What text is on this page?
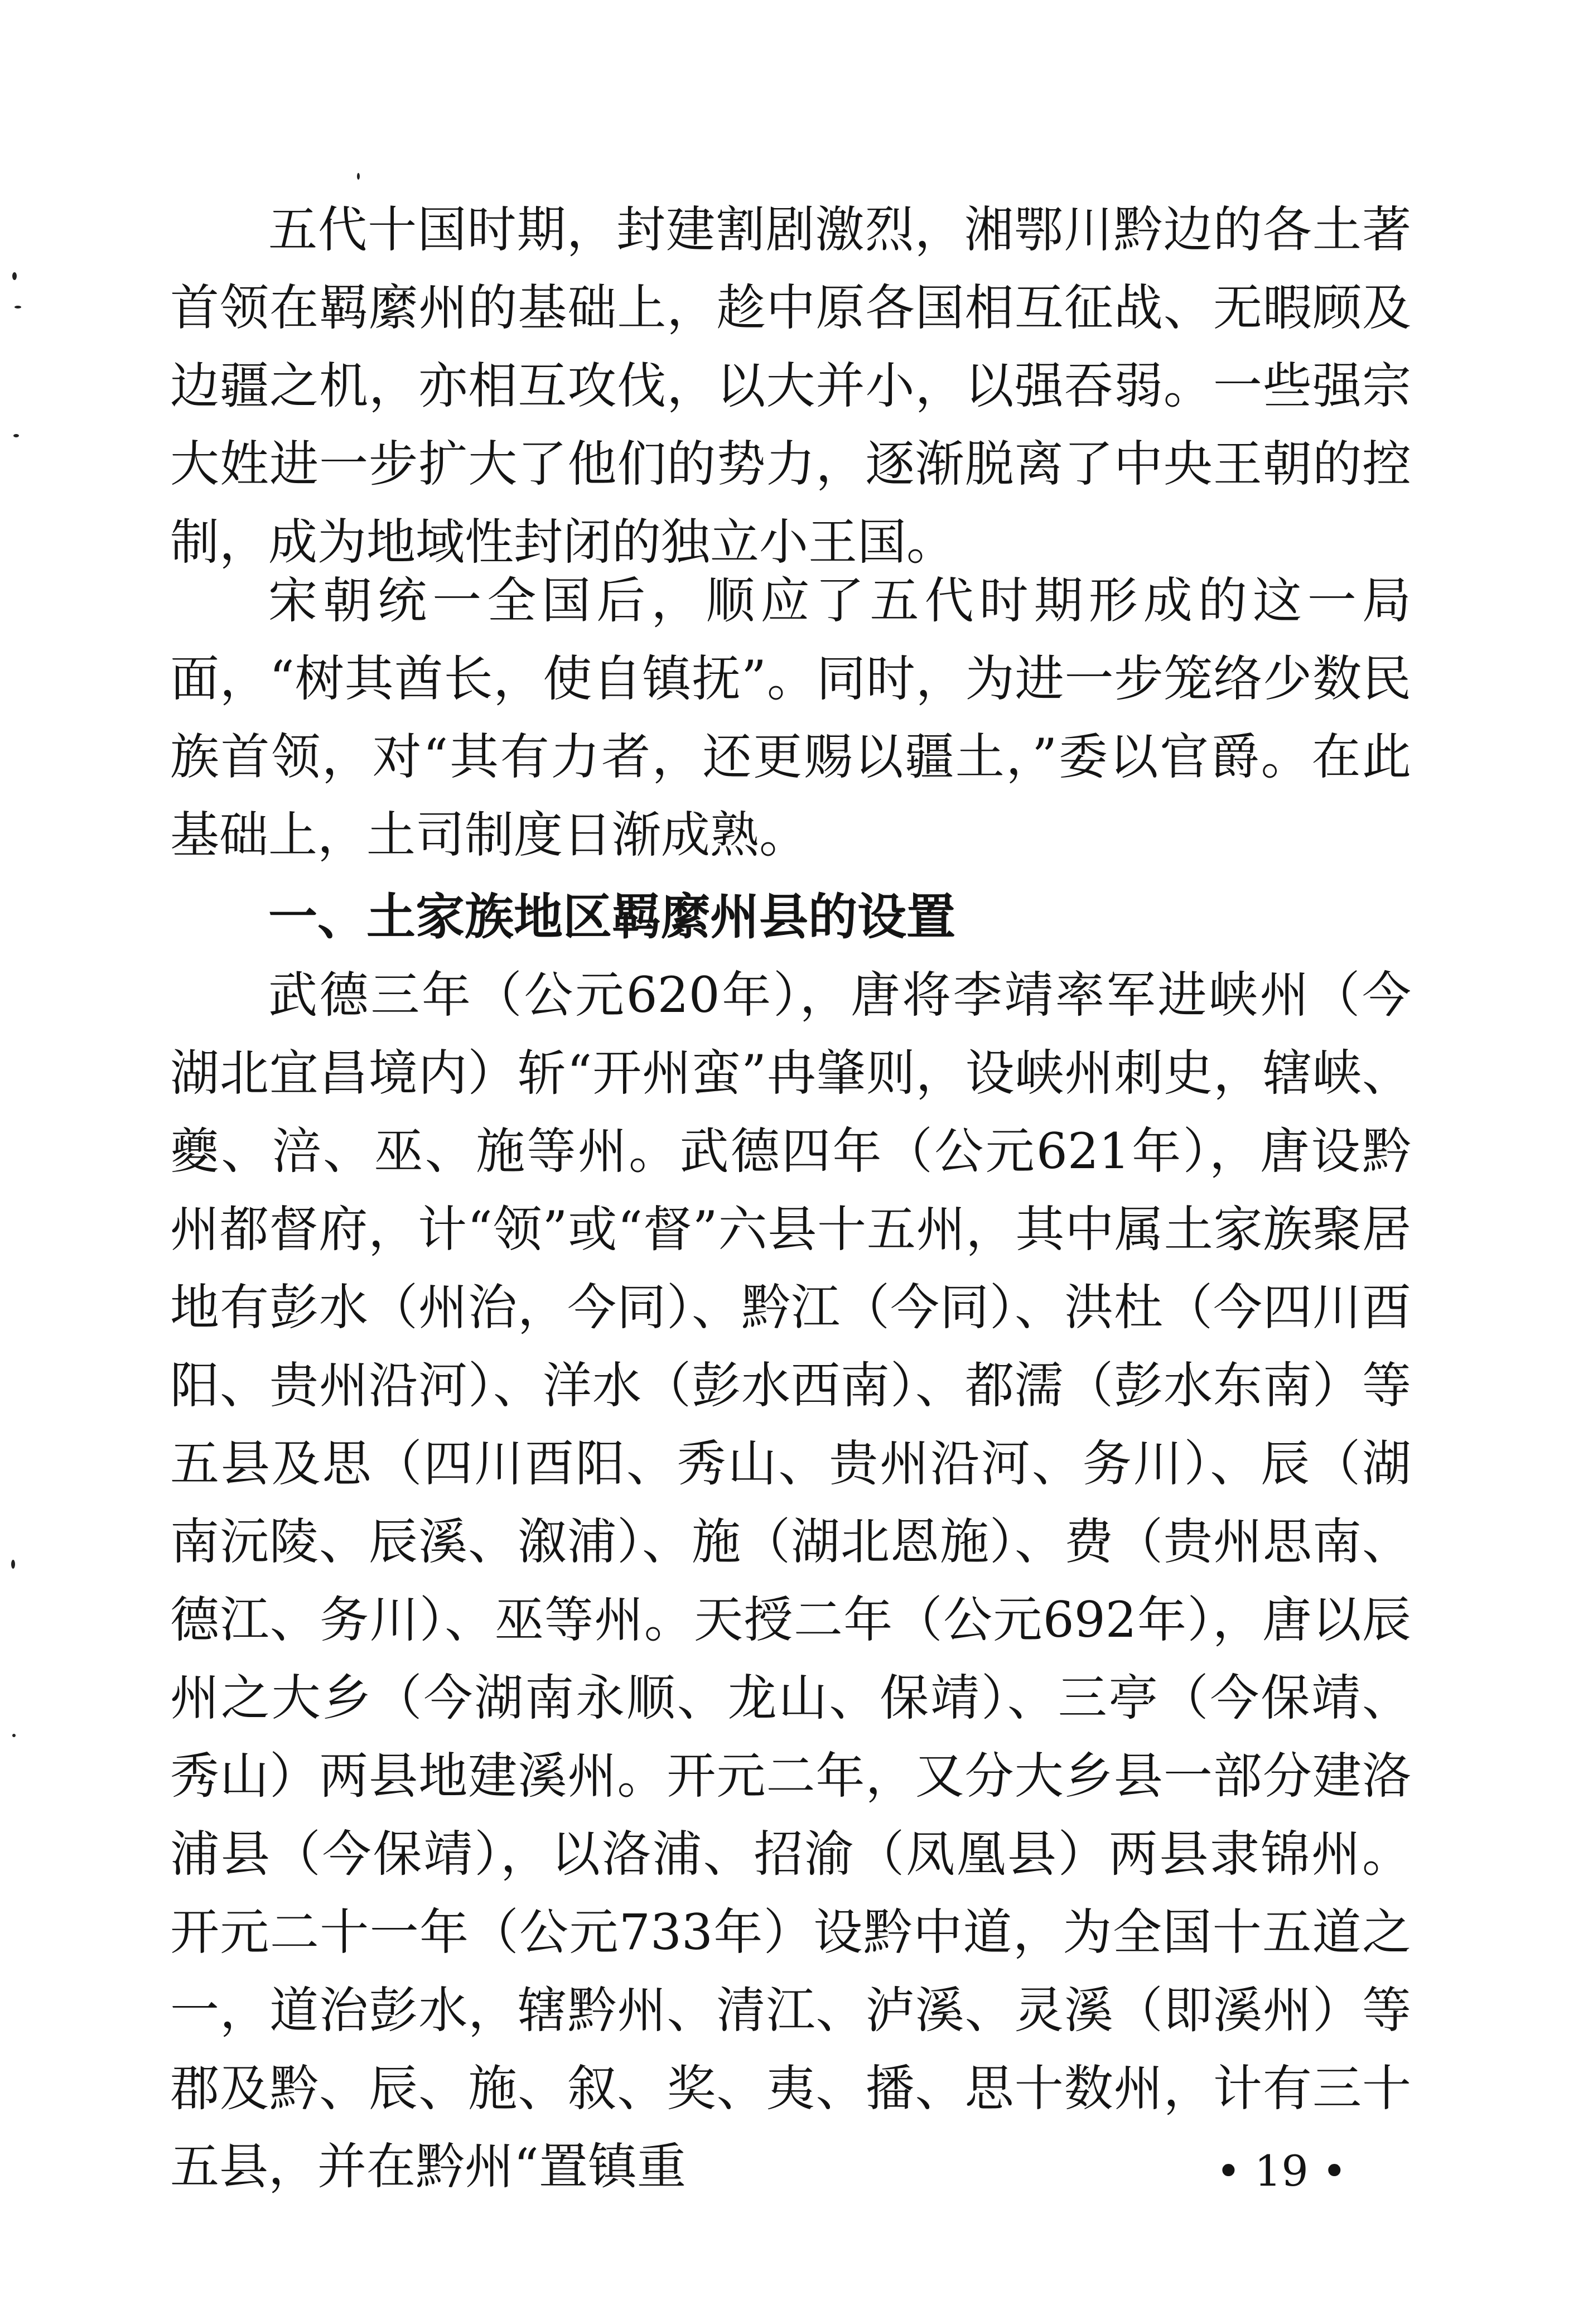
五代十国时期，封建割剧激烈，湘鄂川黔边的各土著首领在羁縻州的基础上，趁中原各国相互征战、无暇顾及边疆之机，亦相互攻伐，以大并小，以强吞弱。一些强宗大姓进一步扩大了他们的势力，逐渐脱离了中央王朝的控制，成为地域性封闭的独立小王国。

宋朝统一全国后，顺应了五代时期形成的这一局面，“树其酋长，使自镇抚”。同时，为进一步笼络少数民族首领，对“其有力者，还更赐以疆土，”委以官爵。在此基础上，土司制度日渐成熟。

一、土家族地区羁縻州县的设置

武德三年（公元620年），唐将李靖率军进峡州（今湖北宜昌境内）斩“开州蛮”冉肇则，设峡州刺史，辖峡、夔、涪、巫、施等州。武德四年（公元621年），唐设黔州都督府，计“领”或“督”六县十五州，其中属土家族聚居地有彭水（州治，今同）、黔江（今同）、洪杜（今四川酉阳、贵州沿河）、洋水（彭水西南）、都濡（彭水东南）等五县及思（四川酉阳、秀山、贵州沿河、务川）、辰（湖南沅陵、辰溪、溆浦）、施（湖北恩施）、费（贵州思南、德江、务川）、巫等州。天授二年（公元692年），唐以辰州之大乡（今湖南永顺、龙山、保靖）、三亭（今保靖、秀山）两县地建溪州。开元二年，又分大乡县一部分建洛浦县（今保靖），以洛浦、招渝（凤凰县）两县隶锦州。开元二十一年（公元733年）设黔中道，为全国十五道之一，道治彭水，辖黔州、清江、泸溪、灵溪（即溪州）等郡及黔、辰、施、叙、奖、夷、播、思十数州，计有三十五县，并在黔州“置镇重	• 19 •
